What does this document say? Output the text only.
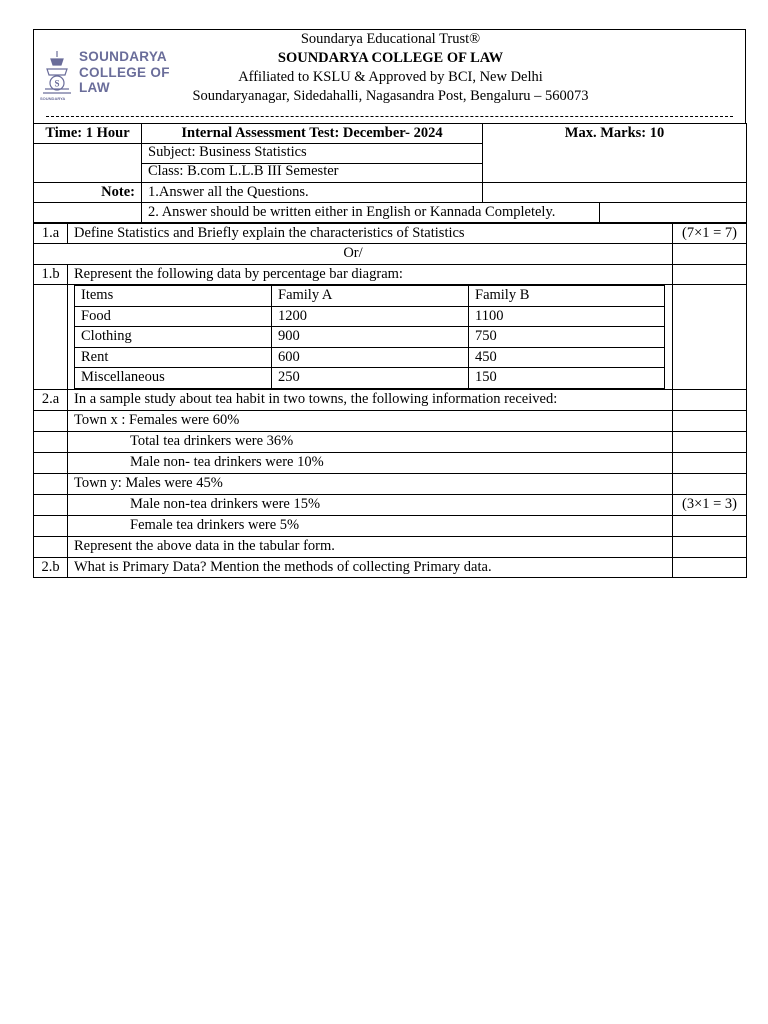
S
SOUNDARYA
COLLEGE OF
LAW
SOUNDARYA
Soundarya Educational Trust®
SOUNDARYA COLLEGE OF LAW
Affiliated to KSLU & Approved by BCI, New Delhi
Soundaryanagar, Sidedahalli, Nagasandra Post, Bengaluru – 560073
Time: 1 Hour	Internal Assessment Test: December- 2024	Max. Marks: 10	
	Subject: Business Statistics		
	Class: B.com L.L.B III Semester		
Note:	1.Answer all the Questions.		
	2. Answer should be written either in English or Kannada Completely.		
1.a	Define Statistics and Briefly explain the characteristics of Statistics	(7×1 = 7)
Or/	
1.b	Represent the following data by percentage bar diagram:	

Items	Family A	Family B
Food	1200	1100
Clothing	900	750
Rent	600	450
Miscellaneous	250	150

2.a	In a sample study about tea habit in two towns, the following information received:	
	Town x : Females were 60%	
	Total tea drinkers were 36%	
	Male non- tea drinkers were 10%	
	Town y: Males were 45%	
	Male non-tea drinkers were 15%	(3×1 = 3)
	Female tea drinkers were 5%	
	Represent the above data in the tabular form.	
2.b	What is Primary Data? Mention the methods of collecting Primary data.	
